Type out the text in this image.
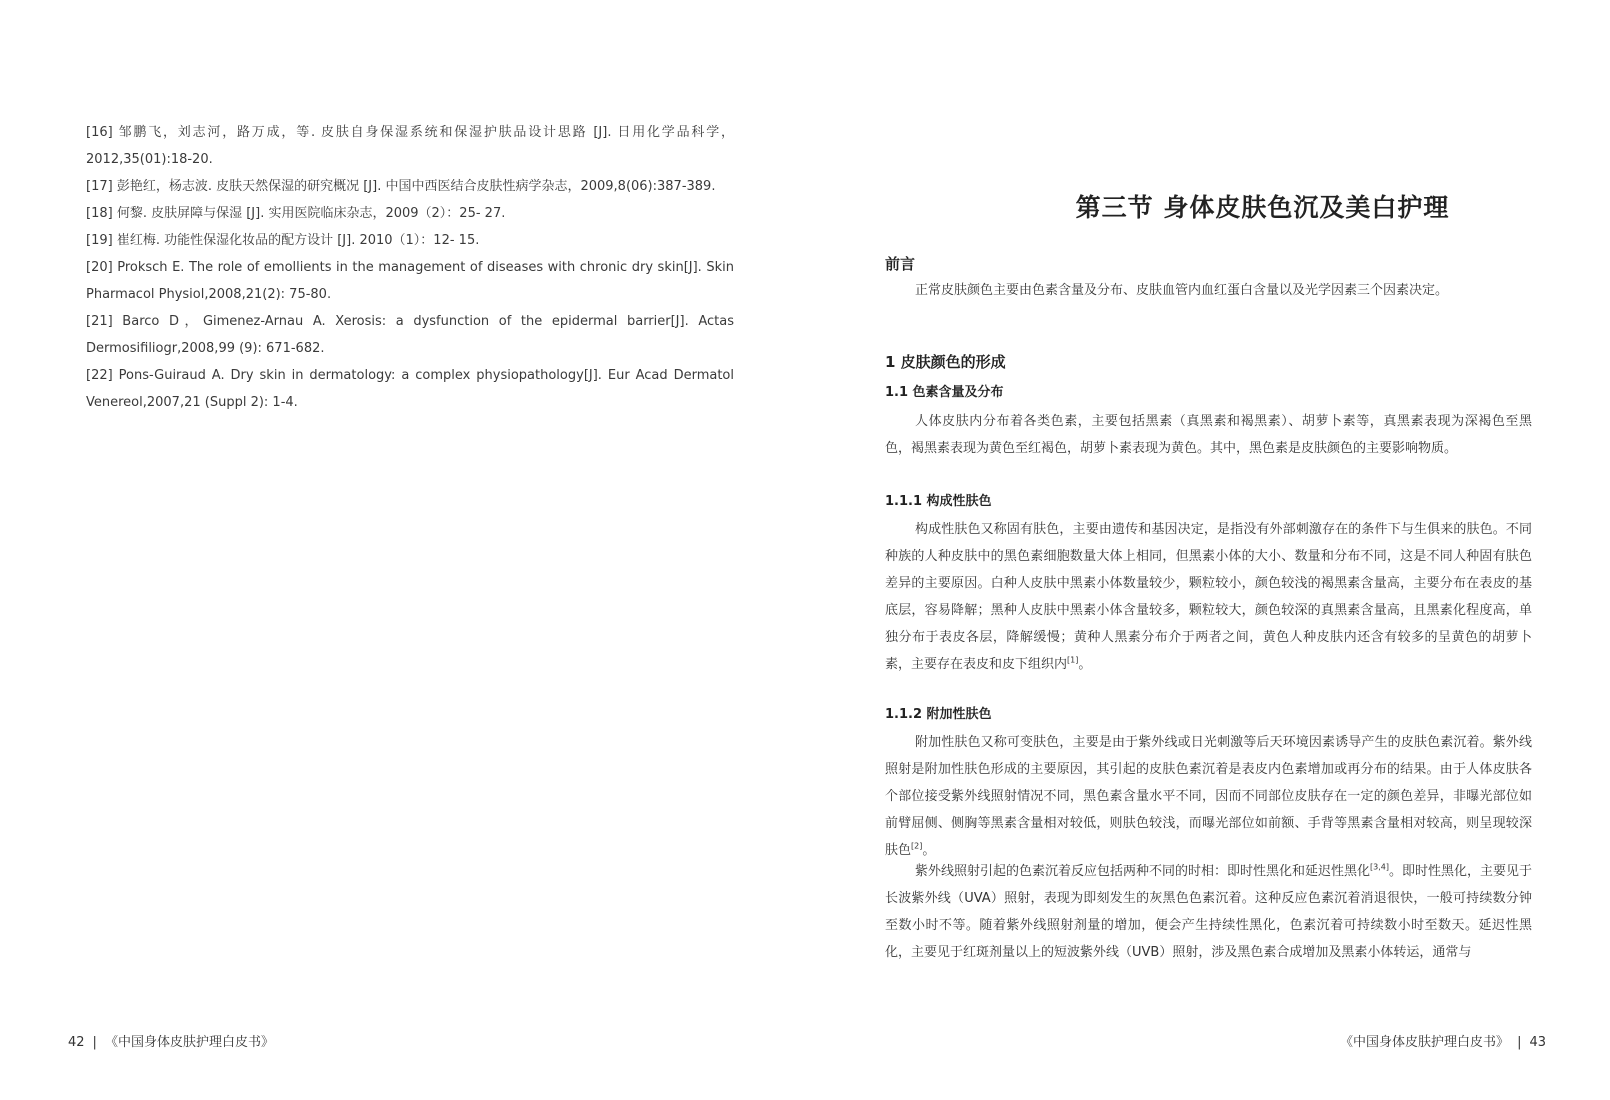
[16] 邹鹏飞，刘志河，路万成，等. 皮肤自身保湿系统和保湿护肤品设计思路 [J]. 日用化学品科学，2012,35(01):18-20.

[17] 彭艳红，杨志波. 皮肤天然保湿的研究概况 [J]. 中国中西医结合皮肤性病学杂志，2009,8(06):387-389.

[18] 何黎. 皮肤屏障与保湿 [J]. 实用医院临床杂志，2009（2）：25- 27.

[19] 崔红梅. 功能性保湿化妆品的配方设计 [J]. 2010（1）：12- 15.

[20] Proksch E. The role of emollients in the management of diseases with chronic dry skin[J]. Skin Pharmacol Physiol,2008,21(2): 75-80.

[21] Barco D，Gimenez-Arnau A. Xerosis: a dysfunction of the epidermal barrier[J]. Actas Dermosifiliogr,2008,99 (9): 671-682.

[22] Pons-Guiraud A. Dry skin in dermatology: a complex physiopathology[J]. Eur Acad Dermatol Venereol,2007,21 (Suppl 2): 1-4.

42 | 《中国身体皮肤护理白皮书》
第三节 身体皮肤色沉及美白护理
前言

正常皮肤颜色主要由色素含量及分布、皮肤血管内血红蛋白含量以及光学因素三个因素决定。

1 皮肤颜色的形成
1.1 色素含量及分布

人体皮肤内分布着各类色素，主要包括黑素（真黑素和褐黑素）、胡萝卜素等，真黑素表现为深褐色至黑色，褐黑素表现为黄色至红褐色，胡萝卜素表现为黄色。其中，黑色素是皮肤颜色的主要影响物质。

1.1.1 构成性肤色

构成性肤色又称固有肤色，主要由遗传和基因决定，是指没有外部刺激存在的条件下与生俱来的肤色。不同种族的人种皮肤中的黑色素细胞数量大体上相同，但黑素小体的大小、数量和分布不同，这是不同人种固有肤色差异的主要原因。白种人皮肤中黑素小体数量较少，颗粒较小，颜色较浅的褐黑素含量高，主要分布在表皮的基底层，容易降解；黑种人皮肤中黑素小体含量较多，颗粒较大，颜色较深的真黑素含量高，且黑素化程度高，单独分布于表皮各层，降解缓慢；黄种人黑素分布介于两者之间，黄色人种皮肤内还含有较多的呈黄色的胡萝卜素，主要存在表皮和皮下组织内[1]。

1.1.2 附加性肤色

附加性肤色又称可变肤色，主要是由于紫外线或日光刺激等后天环境因素诱导产生的皮肤色素沉着。紫外线照射是附加性肤色形成的主要原因，其引起的皮肤色素沉着是表皮内色素增加或再分布的结果。由于人体皮肤各个部位接受紫外线照射情况不同，黑色素含量水平不同，因而不同部位皮肤存在一定的颜色差异，非曝光部位如前臂屈侧、侧胸等黑素含量相对较低，则肤色较浅，而曝光部位如前额、手背等黑素含量相对较高，则呈现较深肤色[2]。

紫外线照射引起的色素沉着反应包括两种不同的时相：即时性黑化和延迟性黑化[3,4]。即时性黑化，主要见于长波紫外线（UVA）照射，表现为即刻发生的灰黑色色素沉着。这种反应色素沉着消退很快，一般可持续数分钟至数小时不等。随着紫外线照射剂量的增加，便会产生持续性黑化，色素沉着可持续数小时至数天。延迟性黑化，主要见于红斑剂量以上的短波紫外线（UVB）照射，涉及黑色素合成增加及黑素小体转运，通常与

《中国身体皮肤护理白皮书》 | 43
